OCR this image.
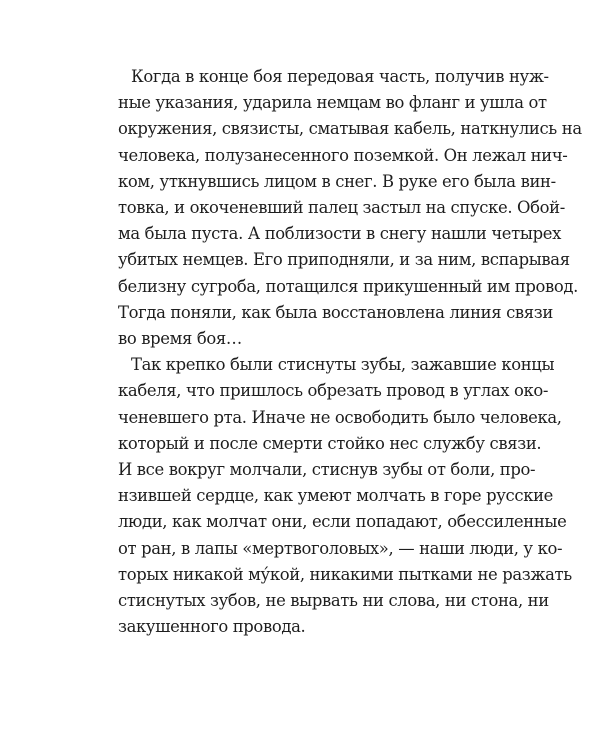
Когда в конце боя передовая часть, получив нуж-
ные указания, ударила немцам во фланг и ушла от
окружения, связисты, сматывая кабель, наткнулись на
человека, полузанесенного поземкой. Он лежал нич-
ком, уткнувшись лицом в снег. В руке его была вин-
товка, и окоченевший палец застыл на спуске. Обой-
ма была пуста. А поблизости в снегу нашли четырех
убитых немцев. Его приподняли, и за ним, вспарывая
белизну сугроба, потащился прикушенный им провод.
Тогда поняли, как была восстановлена линия связи
во время боя…
Так крепко были стиснуты зубы, зажавшие концы
кабеля, что пришлось обрезать провод в углах око-
ченевшего рта. Иначе не освободить было человека,
который и после смерти стойко нес службу связи.
И все вокруг молчали, стиснув зубы от боли, про-
нзившей сердце, как умеют молчать в горе русские
люди, как молчат они, если попадают, обессиленные
от ран, в лапы «мертвоголовых», — наши люди, у ко-
торых никакой му́кой, никакими пытками не разжать
стиснутых зубов, не вырвать ни слова, ни стона, ни
закушенного провода.
